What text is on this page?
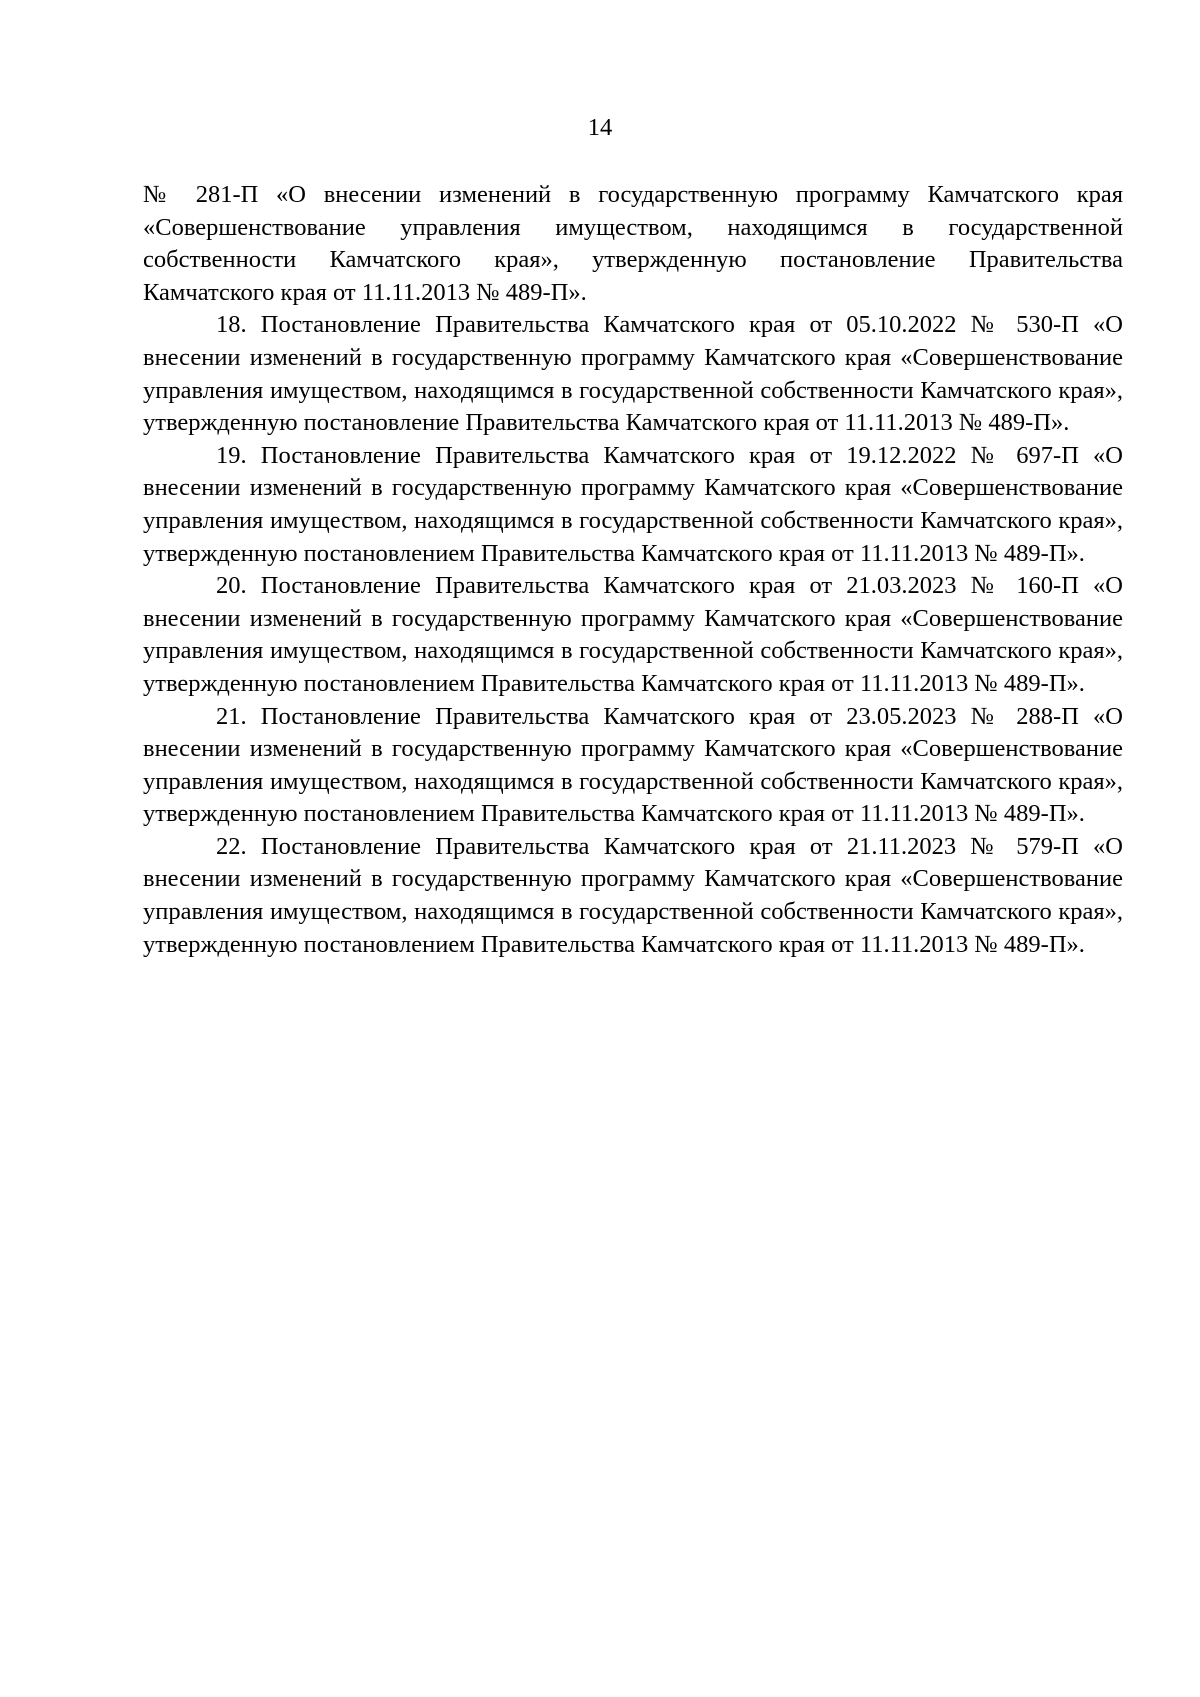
14

№ 281-П «О внесении изменений в государственную программу Камчатского края «Совершенствование управления имуществом, находящимся в государственной собственности Камчатского края», утвержденную постановление Правительства Камчатского края от 11.11.2013 № 489-П».

18. Постановление Правительства Камчатского края от 05.10.2022 № 530-П «О внесении изменений в государственную программу Камчатского края «Совершенствование управления имуществом, находящимся в государственной собственности Камчатского края», утвержденную постановление Правительства Камчатского края от 11.11.2013 № 489-П».

19. Постановление Правительства Камчатского края от 19.12.2022 № 697-П «О внесении изменений в государственную программу Камчатского края «Совершенствование управления имуществом, находящимся в государственной собственности Камчатского края», утвержденную постановлением Правительства Камчатского края от 11.11.2013 № 489-П».

20. Постановление Правительства Камчатского края от 21.03.2023 № 160-П «О внесении изменений в государственную программу Камчатского края «Совершенствование управления имуществом, находящимся в государственной собственности Камчатского края», утвержденную постановлением Правительства Камчатского края от 11.11.2013 № 489-П».

21. Постановление Правительства Камчатского края от 23.05.2023 № 288-П «О внесении изменений в государственную программу Камчатского края «Совершенствование управления имуществом, находящимся в государственной собственности Камчатского края», утвержденную постановлением Правительства Камчатского края от 11.11.2013 № 489-П».

22. Постановление Правительства Камчатского края от 21.11.2023 № 579-П «О внесении изменений в государственную программу Камчатского края «Совершенствование управления имуществом, находящимся в государственной собственности Камчатского края», утвержденную постановлением Правительства Камчатского края от 11.11.2013 № 489-П».
